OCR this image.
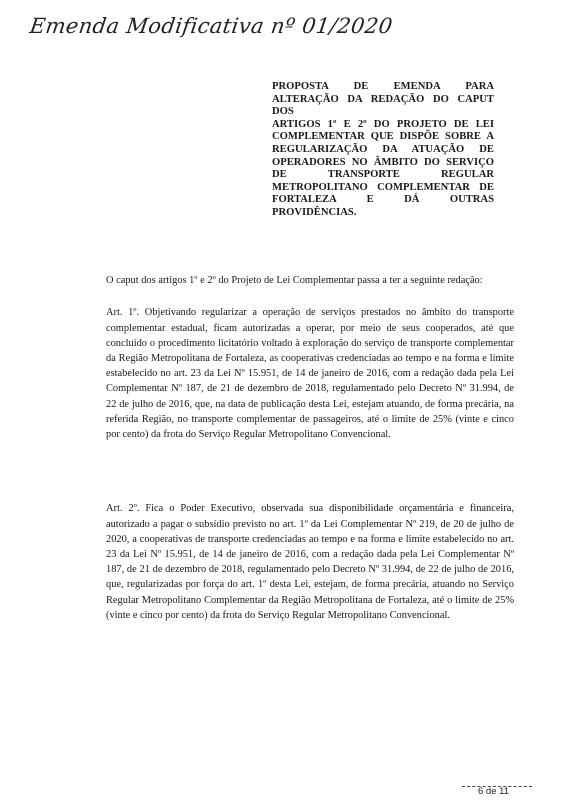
Emenda Modificativa nº 01/2020
PROPOSTA DE EMENDA PARA
ALTERAÇÃO DA REDAÇÃO DO CAPUT DOS
ARTIGOS 1º E 2º DO PROJETO DE LEI
COMPLEMENTAR QUE DISPÕE SOBRE A
REGULARIZAÇÃO DA ATUAÇÃO DE
OPERADORES NO ÂMBITO DO SERVIÇO
DE TRANSPORTE REGULAR
METROPOLITANO COMPLEMENTAR DE
FORTALEZA E DÁ OUTRAS
PROVIDÊNCIAS.

O caput dos artigos 1º e 2º do Projeto de Lei Complementar passa a ter a seguinte redação:

Art. 1º. Objetivando regularizar a operação de serviços prestados no âmbito do transporte complementar estadual, ficam autorizadas a operar, por meio de seus cooperados, até que concluído o procedimento licitatório voltado à exploração do serviço de transporte complementar da Região Metropolitana de Fortaleza, as cooperativas credenciadas ao tempo e na forma e limite estabelecido no art. 23 da Lei Nº 15.951, de 14 de janeiro de 2016, com a redação dada pela Lei Complementar Nº 187, de 21 de dezembro de 2018, regulamentado pelo Decreto Nº 31.994, de 22 de julho de 2016, que, na data de publicação desta Lei, estejam atuando, de forma precária, na referida Região, no transporte complementar de passageiros, até o limite de 25% (vinte e cinco por cento) da frota do Serviço Regular Metropolitano Convencional.

Art. 2º. Fica o Poder Executivo, observada sua disponibilidade orçamentária e financeira, autorizado a pagar o subsídio previsto no art. 1º da Lei Complementar Nº 219, de 20 de julho de 2020, a cooperativas de transporte credenciadas ao tempo e na forma e limite estabelecido no art. 23 da Lei Nº 15.951, de 14 de janeiro de 2016, com a redação dada pela Lei Complementar Nº 187, de 21 de dezembro de 2018, regulamentado pelo Decreto Nº 31.994, de 22 de julho de 2016, que, regularizadas por força do art. 1º desta Lei, estejam, de forma precária, atuando no Serviço Regular Metropolitano Complementar da Região Metropolitana de Fortaleza, até o limite de 25% (vinte e cinco por cento) da frota do Serviço Regular Metropolitano Convencional.

6 de 11
